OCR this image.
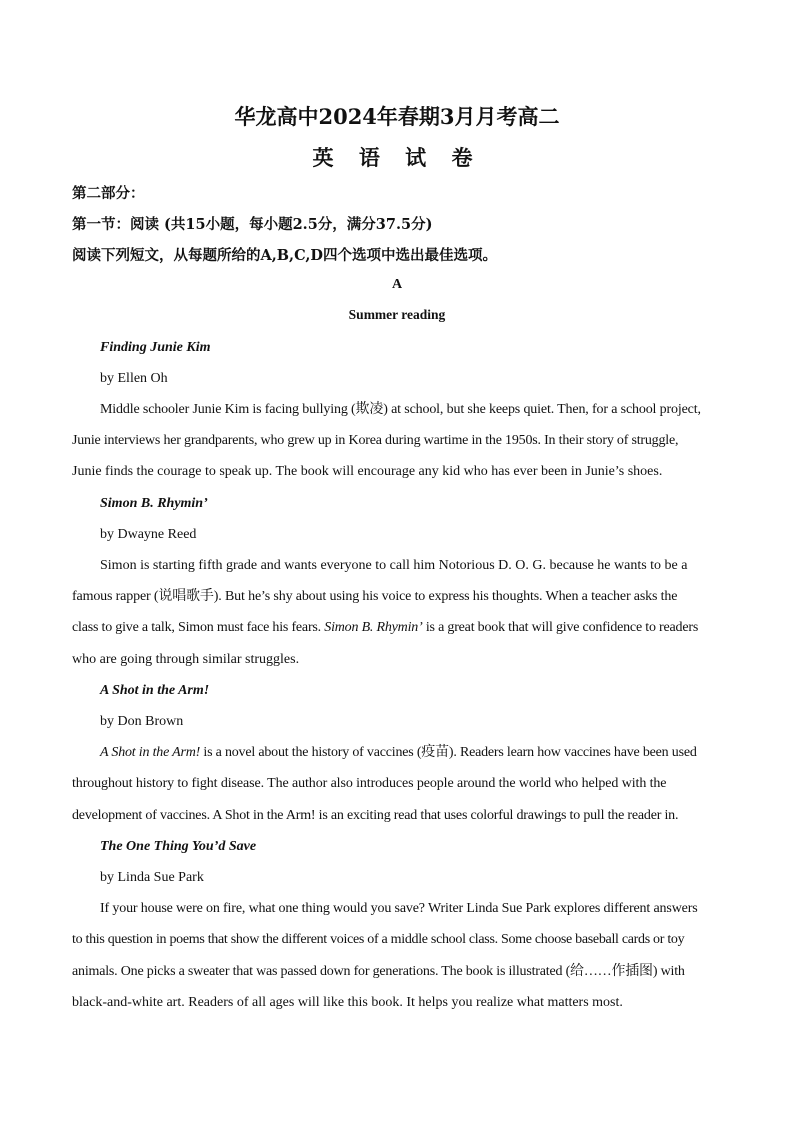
华龙高中2024年春期3月月考高二
英 语 试 卷
第二部分：
第一节：阅读 (共15小题，每小题2.5分，满分37.5分)
阅读下列短文，从每题所给的A,B,C,D四个选项中选出最佳选项。
A
Summer reading
Finding Junie Kim
by Ellen Oh
Middle schooler Junie Kim is facing bullying (欺凌) at school, but she keeps quiet. Then, for a school project,
Junie interviews her grandparents, who grew up in Korea during wartime in the 1950s. In their story of struggle,
Junie finds the courage to speak up. The book will encourage any kid who has ever been in Junie’s shoes.
Simon B. Rhymin’
by Dwayne Reed
Simon is starting fifth grade and wants everyone to call him Notorious D. O. G. because he wants to be a
famous rapper (说唱歌手). But he’s shy about using his voice to express his thoughts. When a teacher asks the
class to give a talk, Simon must face his fears. Simon B. Rhymin’ is a great book that will give confidence to readers
who are going through similar struggles.
A Shot in the Arm!
by Don Brown
A Shot in the Arm! is a novel about the history of vaccines (疫苗). Readers learn how vaccines have been used
throughout history to fight disease. The author also introduces people around the world who helped with the
development of vaccines. A Shot in the Arm! is an exciting read that uses colorful drawings to pull the reader in.
The One Thing You’d Save
by Linda Sue Park
If your house were on fire, what one thing would you save? Writer Linda Sue Park explores different answers
to this question in poems that show the different voices of a middle school class. Some choose baseball cards or toy
animals. One picks a sweater that was passed down for generations. The book is illustrated (给……作插图) with
black-and-white art. Readers of all ages will like this book. It helps you realize what matters most.
